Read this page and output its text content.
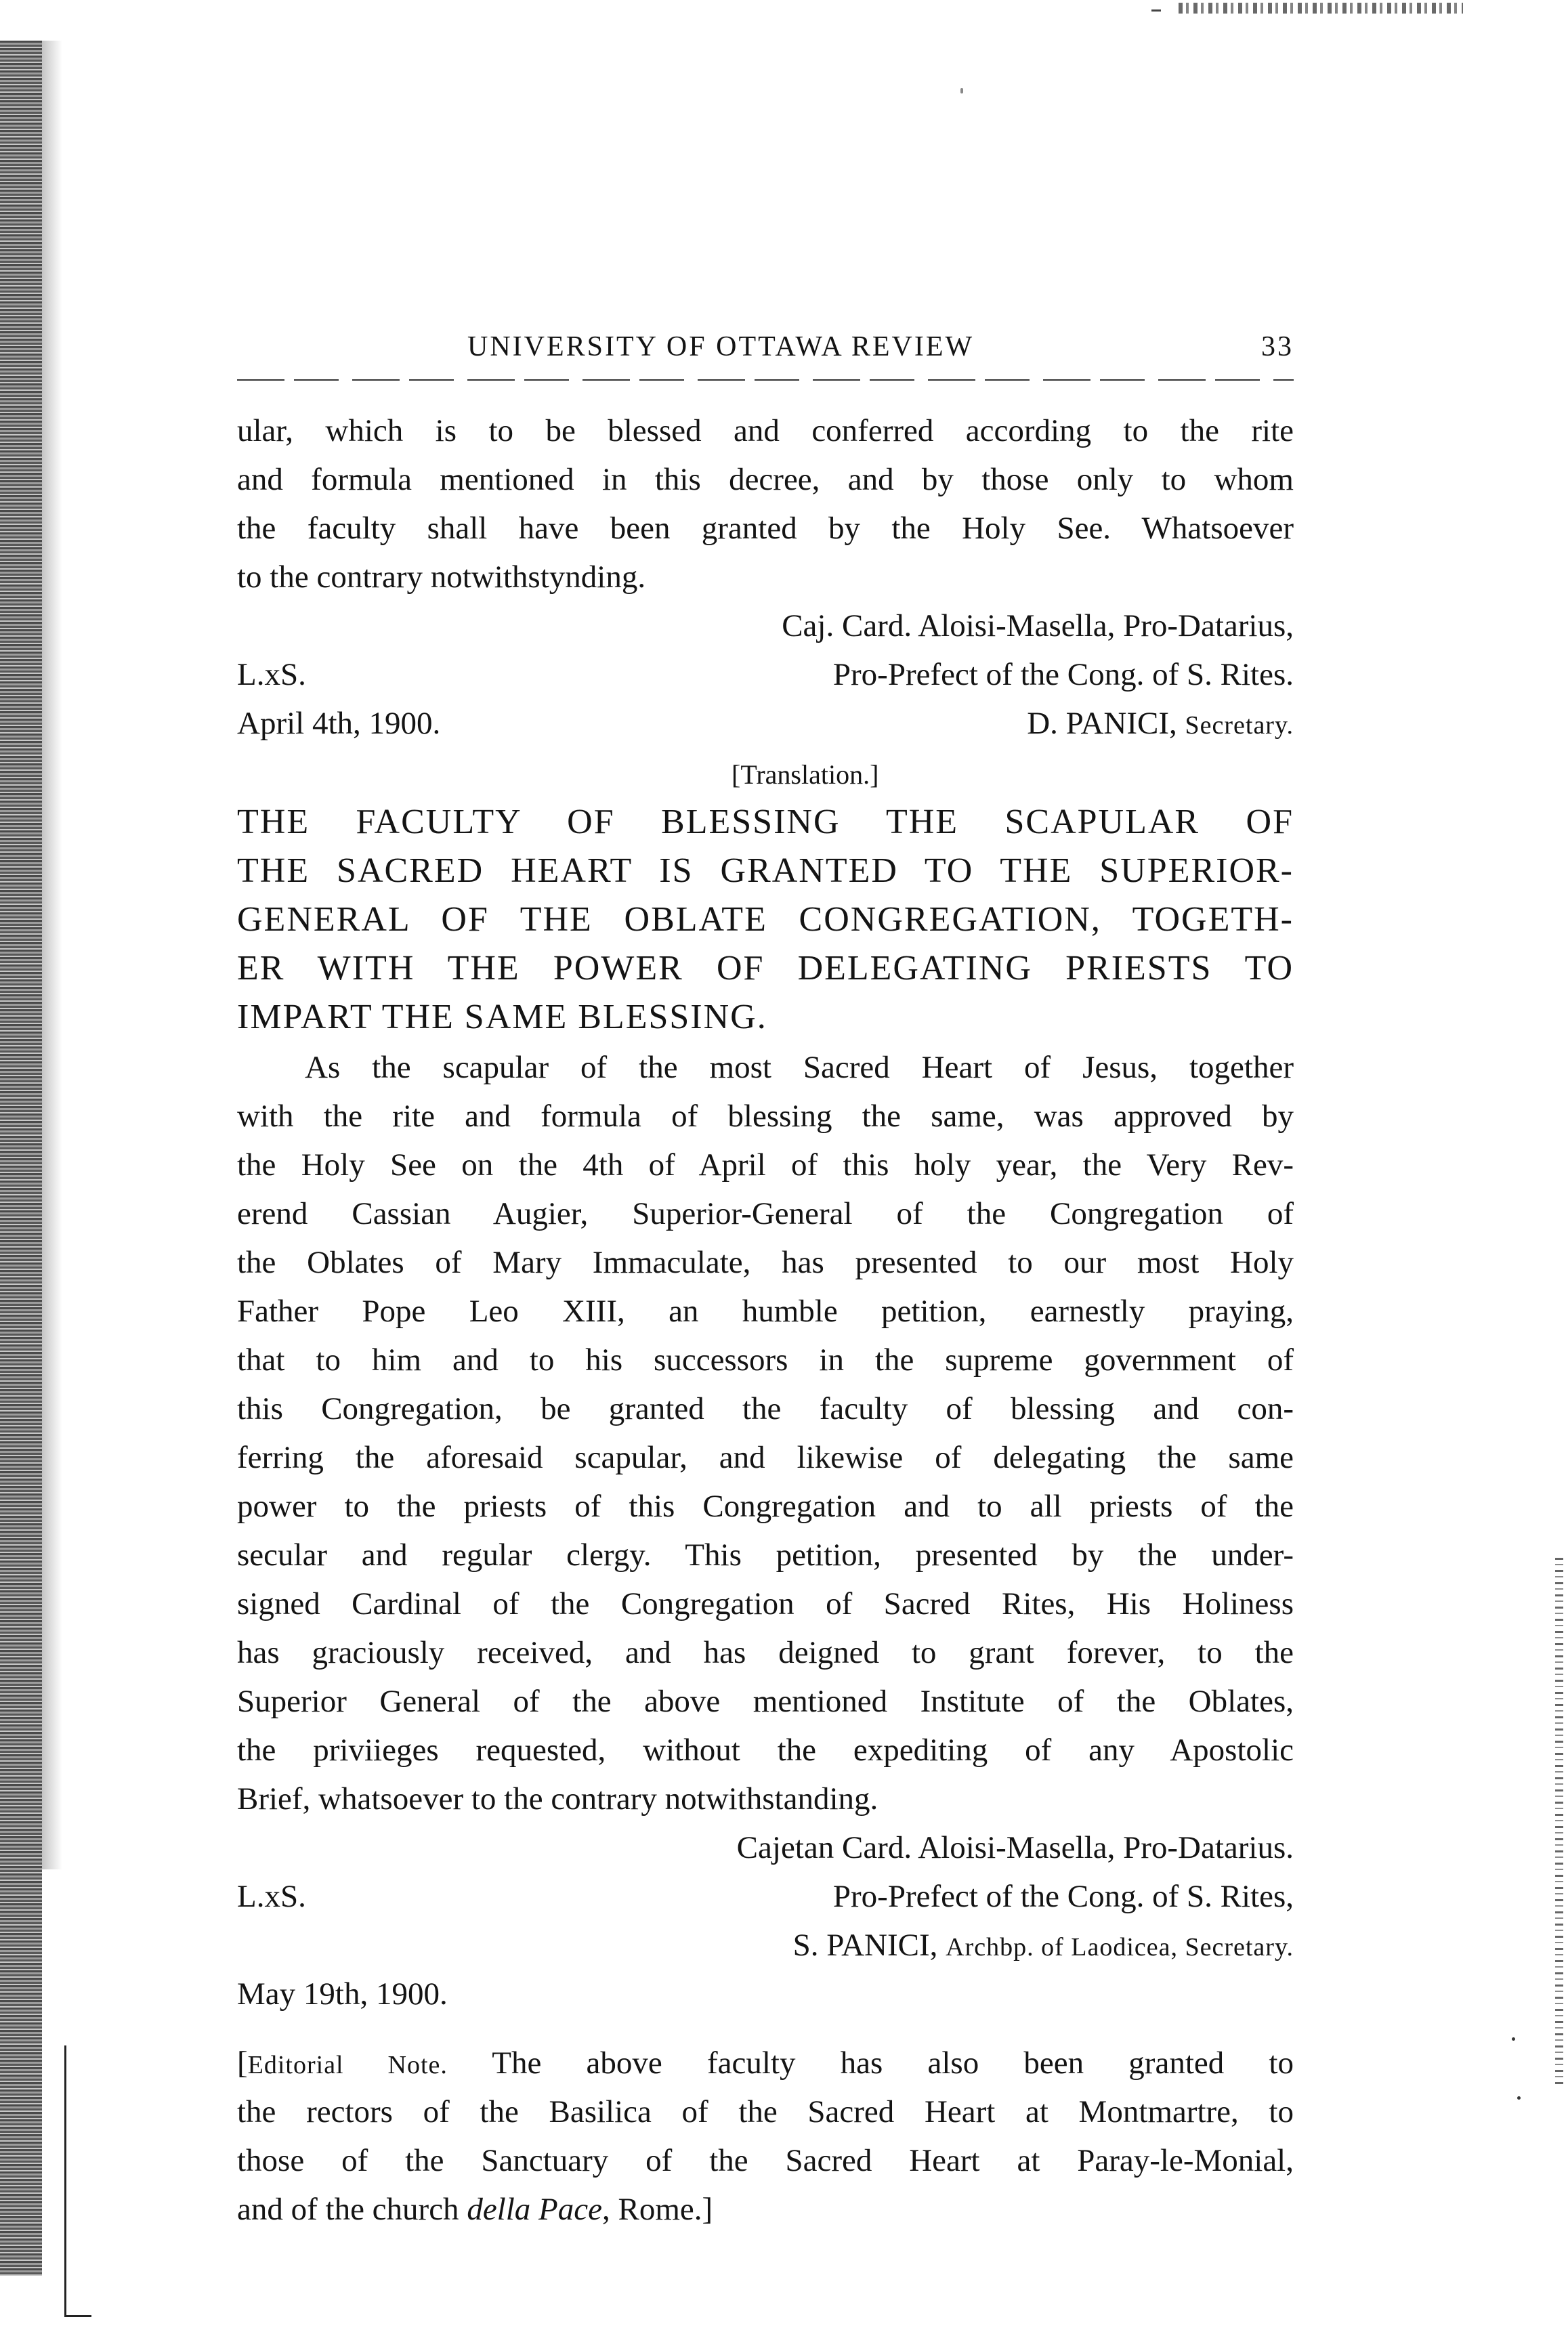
UNIVERSITY OF OTTAWA REVIEW	33
ular, which is to be blessed and conferred according to the rite
and formula mentioned in this decree, and by those only to whom
the faculty shall have been granted by the Holy See. Whatsoever
to the contrary notwithstynding.
Caj. Card. Aloisi-Masella, Pro-Datarius,
L.xS.	Pro-Prefect of the Cong. of S. Rites.
April 4th, 1900.	D. PANICI, Secretary.
[Translation.]
THE FACULTY OF BLESSING THE SCAPULAR OF
THE SACRED HEART IS GRANTED TO THE SUPERIOR-
GENERAL OF THE OBLATE CONGREGATION, TOGETH-
ER WITH THE POWER OF DELEGATING PRIESTS TO
IMPART THE SAME BLESSING.
As the scapular of the most Sacred Heart of Jesus, together
with the rite and formula of blessing the same, was approved by
the Holy See on the 4th of April of this holy year, the Very Rev-
erend Cassian Augier, Superior-General of the Congregation of
the Oblates of Mary Immaculate, has presented to our most Holy
Father Pope Leo XIII, an humble petition, earnestly praying,
that to him and to his successors in the supreme government of
this Congregation, be granted the faculty of blessing and con-
ferring the aforesaid scapular, and likewise of delegating the same
power to the priests of this Congregation and to all priests of the
secular and regular clergy. This petition, presented by the under-
signed Cardinal of the Congregation of Sacred Rites, His Holiness
has graciously received, and has deigned to grant forever, to the
Superior General of the above mentioned Institute of the Oblates,
the priviieges requested, without the expediting of any Apostolic
Brief, whatsoever to the contrary notwithstanding.
Cajetan Card. Aloisi-Masella, Pro-Datarius.
L.xS.	Pro-Prefect of the Cong. of S. Rites,
S. PANICI, Archbp. of Laodicea, Secretary.
May 19th, 1900.
[Editorial Note. The above faculty has also been granted to
the rectors of the Basilica of the Sacred Heart at Montmartre, to
those of the Sanctuary of the Sacred Heart at Paray-le-Monial,
and of the church della Pace, Rome.]
